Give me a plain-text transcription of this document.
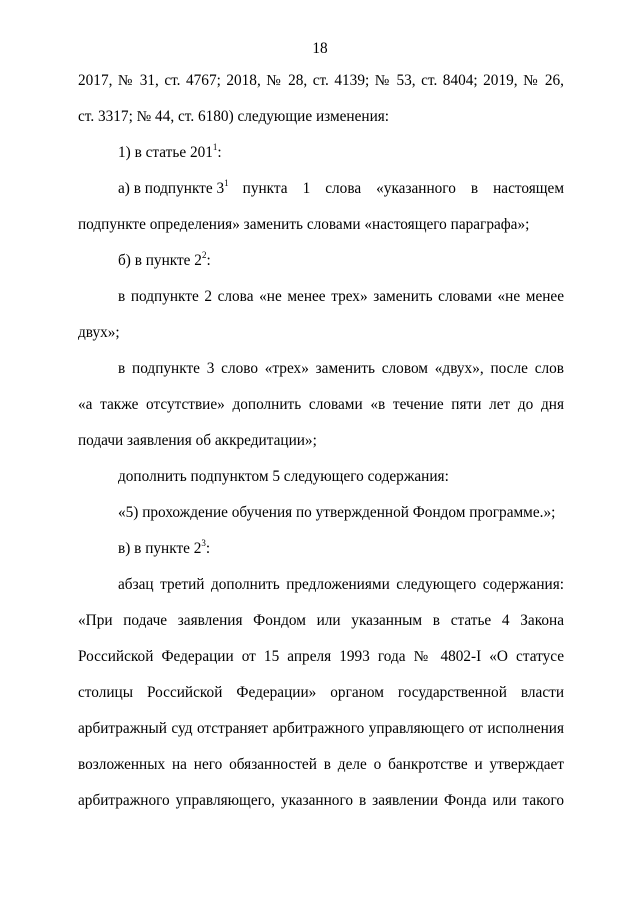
18
2017, № 31, ст. 4767; 2018, № 28, ст. 4139; № 53, ст. 8404; 2019, № 26,
ст. 3317; № 44, ст. 6180) следующие изменения:
1) в статье $201^1$:
а) в подпункте $3^1$ пункта 1 слова «указанного в настоящем
подпункте определения» заменить словами «настоящего параграфа»;
б) в пункте $2^2$:
в подпункте 2 слова «не менее трех» заменить словами «не менее
двух»;
в подпункте 3 слово «трех» заменить словом «двух», после слов
«а также отсутствие» дополнить словами «в течение пяти лет до дня
подачи заявления об аккредитации»;
дополнить подпунктом 5 следующего содержания:
«5) прохождение обучения по утвержденной Фондом программе.»;
в) в пункте $2^3$:
абзац третий дополнить предложениями следующего содержания:
«При подаче заявления Фондом или указанным в статье 4 Закона
Российской Федерации от 15 апреля 1993 года № 4802-I «О статусе
столицы Российской Федерации» органом государственной власти
арбитражный суд отстраняет арбитражного управляющего от исполнения
возложенных на него обязанностей в деле о банкротстве и утверждает
арбитражного управляющего, указанного в заявлении Фонда или такого
